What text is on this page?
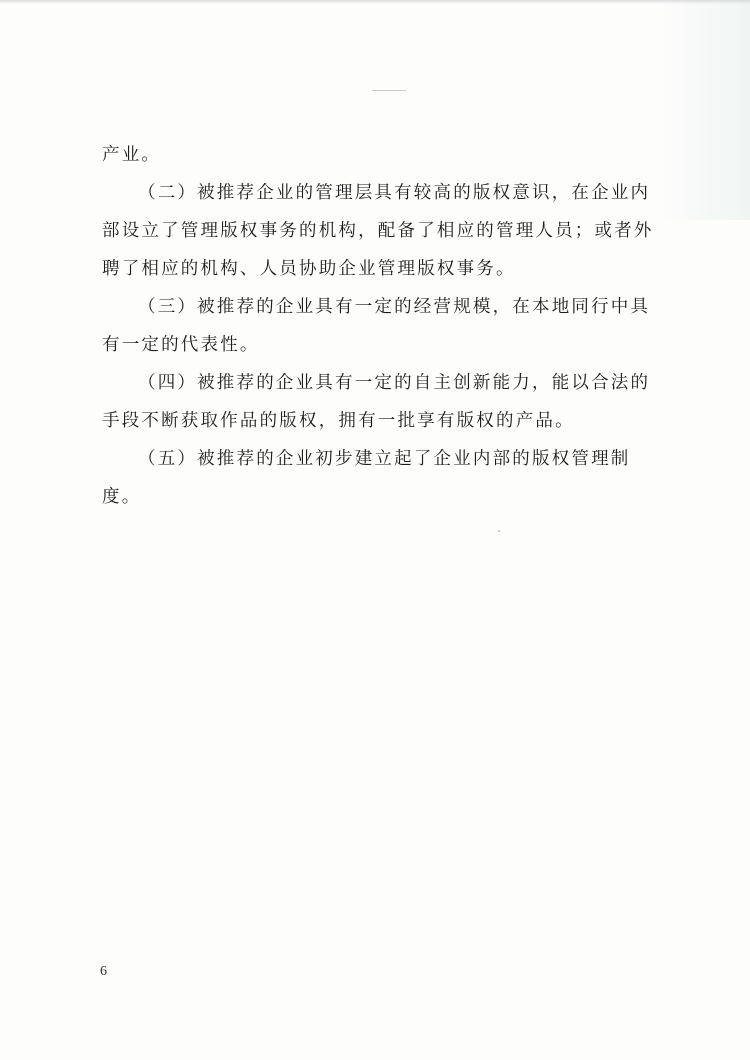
产业。
（二）被推荐企业的管理层具有较高的版权意识，在企业内
部设立了管理版权事务的机构，配备了相应的管理人员；或者外
聘了相应的机构、人员协助企业管理版权事务。
（三）被推荐的企业具有一定的经营规模，在本地同行中具
有一定的代表性。
（四）被推荐的企业具有一定的自主创新能力，能以合法的
手段不断获取作品的版权，拥有一批享有版权的产品。
（五）被推荐的企业初步建立起了企业内部的版权管理制
度。
6
